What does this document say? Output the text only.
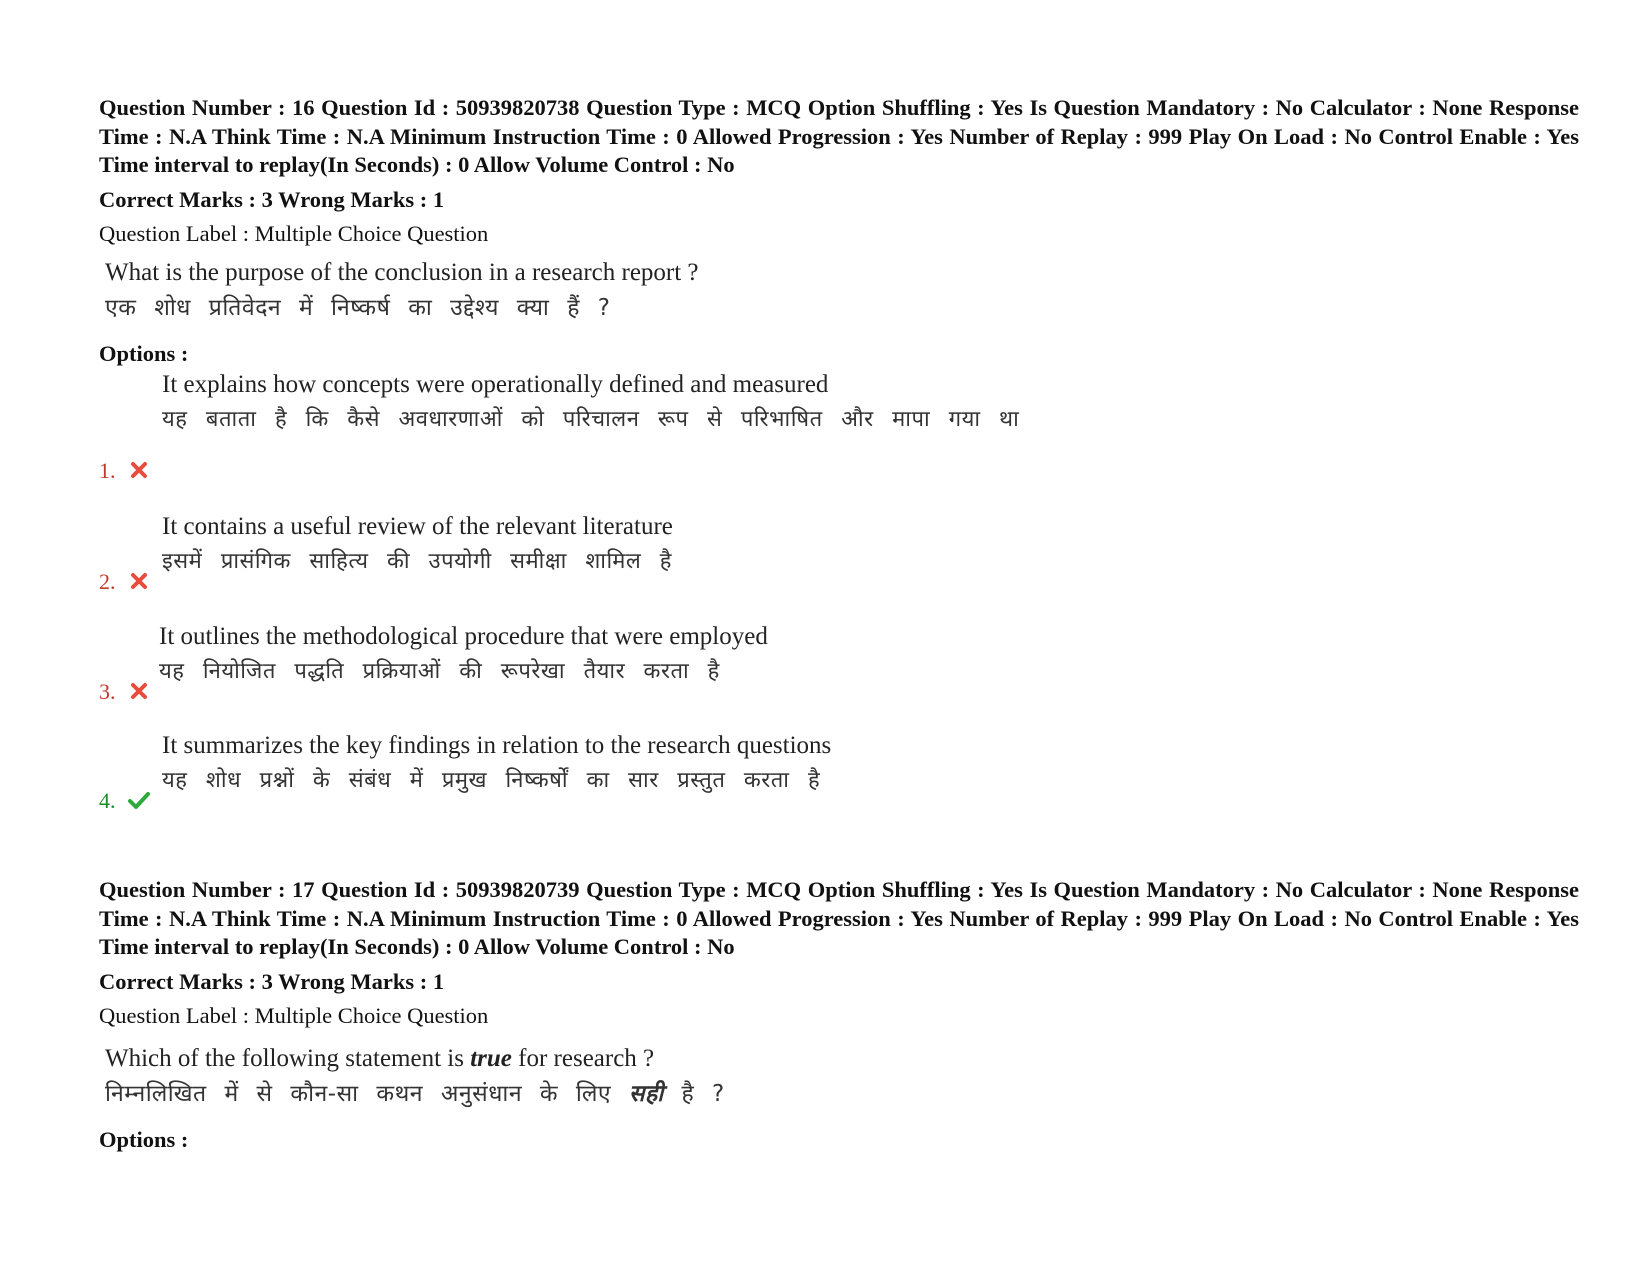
Question Number : 16 Question Id : 50939820738 Question Type : MCQ Option Shuffling : Yes Is Question Mandatory : No Calculator : None Response Time : N.A Think Time : N.A Minimum Instruction Time : 0 Allowed Progression : Yes Number of Replay : 999 Play On Load : No Control Enable : Yes Time interval to replay(In Seconds) : 0 Allow Volume Control : No

Correct Marks : 3 Wrong Marks : 1
Question Label : Multiple Choice Question
What is the purpose of the conclusion in a research report ?
एक शोध प्रतिवेदन में निष्कर्ष का उद्देश्य क्या हैं ?
Options :
1.
It explains how concepts were operationally defined and measured
यह बताता है कि कैसे अवधारणाओं को परिचालन रूप से परिभाषित और मापा गया था
2.
It contains a useful review of the relevant literature
इसमें प्रासंगिक साहित्य की उपयोगी समीक्षा शामिल है
3.
It outlines the methodological procedure that were employed
यह नियोजित पद्धति प्रक्रियाओं की रूपरेखा तैयार करता है
4.
It summarizes the key findings in relation to the research questions
यह शोध प्रश्नों के संबंध में प्रमुख निष्कर्षों का सार प्रस्तुत करता है

Question Number : 17 Question Id : 50939820739 Question Type : MCQ Option Shuffling : Yes Is Question Mandatory : No Calculator : None Response Time : N.A Think Time : N.A Minimum Instruction Time : 0 Allowed Progression : Yes Number of Replay : 999 Play On Load : No Control Enable : Yes Time interval to replay(In Seconds) : 0 Allow Volume Control : No

Correct Marks : 3 Wrong Marks : 1
Question Label : Multiple Choice Question
Which of the following statement is true for research ?
निम्नलिखित में से कौन-सा कथन अनुसंधान के लिए सही है ?
Options :
